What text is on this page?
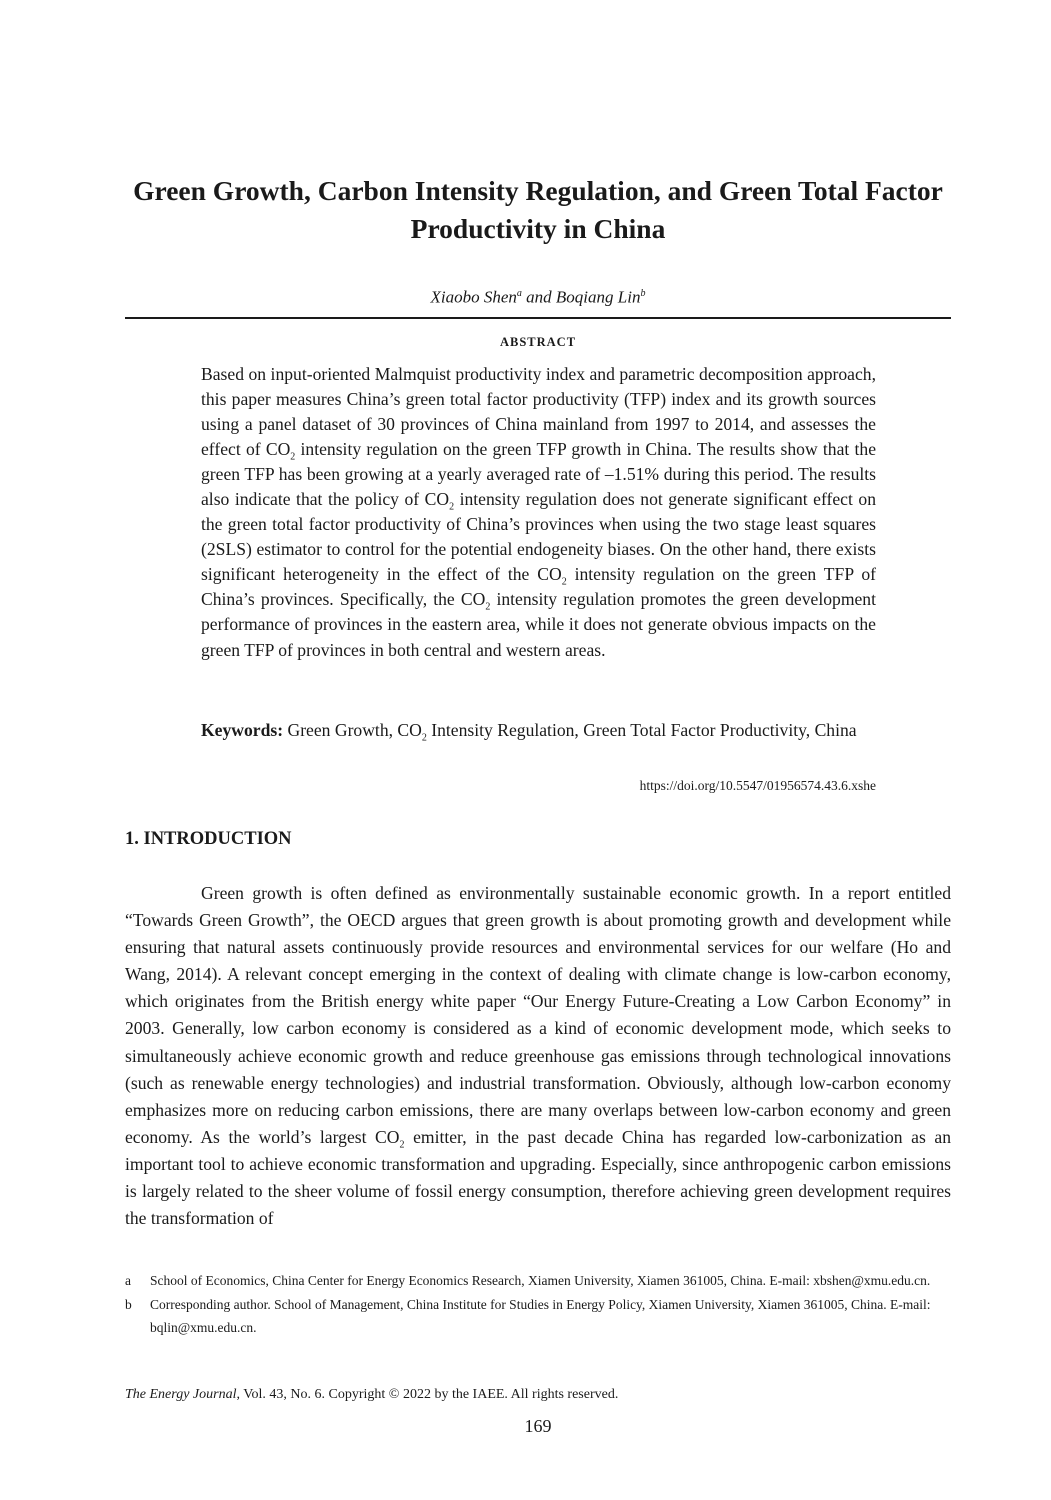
Green Growth, Carbon Intensity Regulation, and Green Total Factor Productivity in China
Xiaobo Shen$^a$ and Boqiang Lin$^b$
ABSTRACT

Based on input-oriented Malmquist productivity index and parametric decomposition approach, this paper measures China’s green total factor productivity (TFP) index and its growth sources using a panel dataset of 30 provinces of China mainland from 1997 to 2014, and assesses the effect of $CO_2$ intensity regulation on the green TFP growth in China. The results show that the green TFP has been growing at a yearly averaged rate of –1.51% during this period. The results also indicate that the policy of $CO_2$ intensity regulation does not generate significant effect on the green total factor productivity of China’s provinces when using the two stage least squares (2SLS) estimator to control for the potential endogeneity biases. On the other hand, there exists significant heterogeneity in the effect of the $CO_2$ intensity regulation on the green TFP of China’s provinces. Specifically, the $CO_2$ intensity regulation promotes the green development performance of provinces in the eastern area, while it does not generate obvious impacts on the green TFP of provinces in both central and western areas.

Keywords: Green Growth, $CO_2$ Intensity Regulation, Green Total Factor Productivity, China

https://doi.org/10.5547/01956574.43.6.xshe
1. INTRODUCTION

Green growth is often defined as environmentally sustainable economic growth. In a report entitled “Towards Green Growth”, the OECD argues that green growth is about promoting growth and development while ensuring that natural assets continuously provide resources and environmental services for our welfare (Ho and Wang, 2014). A relevant concept emerging in the context of dealing with climate change is low-carbon economy, which originates from the British energy white paper “Our Energy Future-Creating a Low Carbon Economy” in 2003. Generally, low carbon economy is considered as a kind of economic development mode, which seeks to simultaneously achieve economic growth and reduce greenhouse gas emissions through technological innovations (such as renewable energy technologies) and industrial transformation. Obviously, although low-carbon economy emphasizes more on reducing carbon emissions, there are many overlaps between low-carbon economy and green economy. As the world’s largest $CO_2$ emitter, in the past decade China has regarded low-carbonization as an important tool to achieve economic transformation and upgrading. Especially, since anthropogenic carbon emissions is largely related to the sheer volume of fossil energy consumption, therefore achieving green development requires the transformation of

a	School of Economics, China Center for Energy Economics Research, Xiamen University, Xiamen 361005, China. E-mail: xbshen@xmu.edu.cn.
b	Corresponding author. School of Management, China Institute for Studies in Energy Policy, Xiamen University, Xiamen 361005, China. E-mail: bqlin@xmu.edu.cn.
The Energy Journal, Vol. 43, No. 6. Copyright © 2022 by the IAEE. All rights reserved.
169
